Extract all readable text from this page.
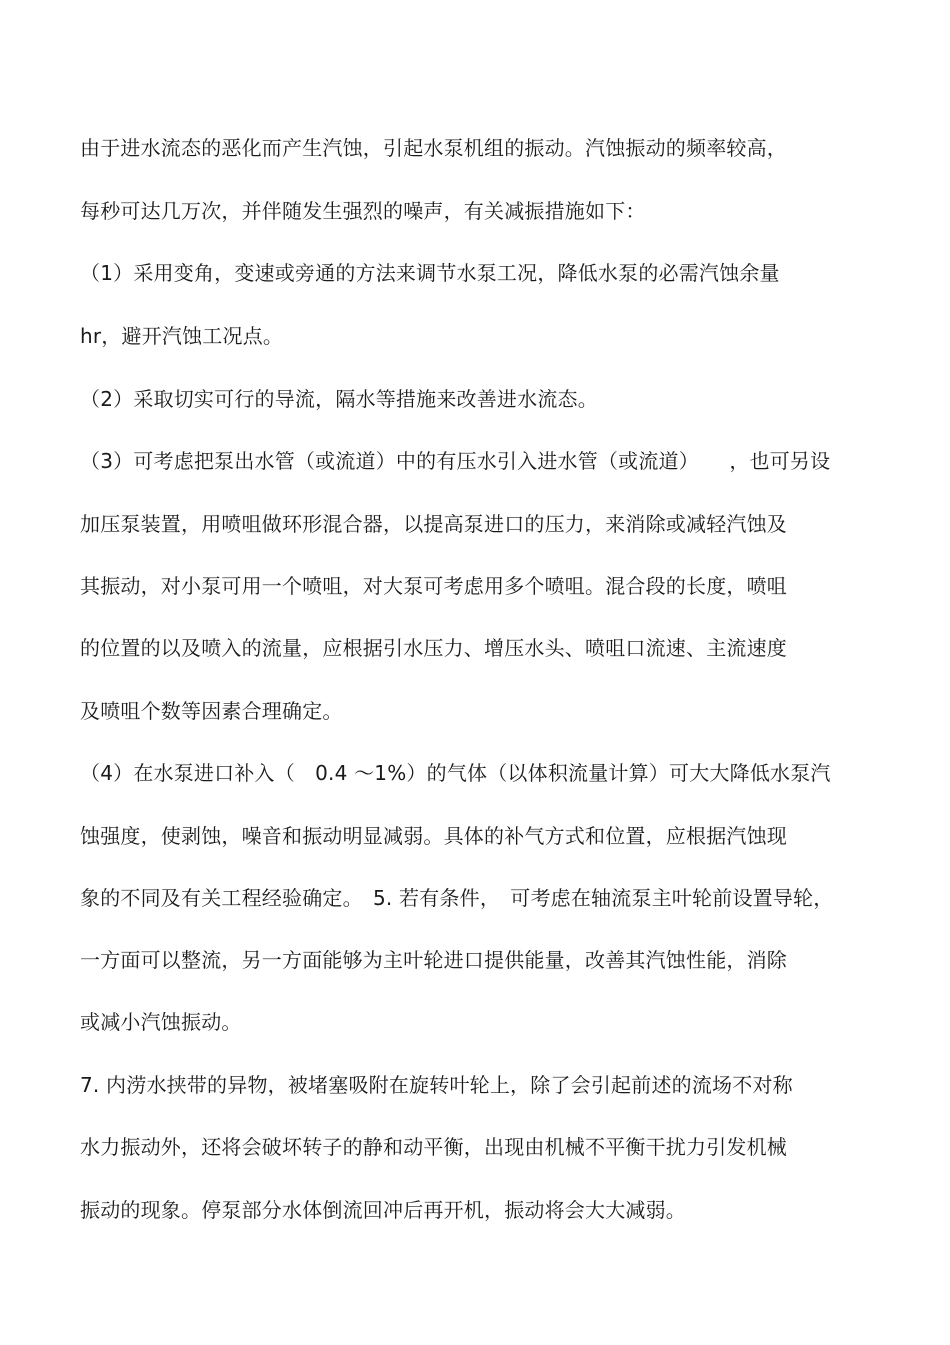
由于进水流态的恶化而产生汽蚀，引起水泵机组的振动。汽蚀振动的频率较高，
每秒可达几万次，并伴随发生强烈的噪声，有关减振措施如下：
（1）采用变角，变速或旁通的方法来调节水泵工况，降低水泵的必需汽蚀余量
hr，避开汽蚀工况点。
（2）采取切实可行的导流，隔水等措施来改善进水流态。
（3）可考虑把泵出水管（或流道）中的有压水引入进水管（或流道）　　，也可另设
加压泵装置，用喷咀做环形混合器，以提高泵进口的压力，来消除或减轻汽蚀及
其振动，对小泵可用一个喷咀，对大泵可考虑用多个喷咀。混合段的长度，喷咀
的位置的以及喷入的流量，应根据引水压力、增压水头、喷咀口流速、主流速度
及喷咀个数等因素合理确定。
（4）在水泵进口补入（　0.4 ～1%）的气体（以体积流量计算）可大大降低水泵汽
蚀强度，使剥蚀，噪音和振动明显减弱。具体的补气方式和位置，应根据汽蚀现
象的不同及有关工程经验确定。　5. 若有条件，　可考虑在轴流泵主叶轮前设置导轮，
一方面可以整流，另一方面能够为主叶轮进口提供能量，改善其汽蚀性能，消除
或减小汽蚀振动。
7. 内涝水挟带的异物，被堵塞吸附在旋转叶轮上，除了会引起前述的流场不对称
水力振动外，还将会破坏转子的静和动平衡，出现由机械不平衡干扰力引发机械
振动的现象。停泵部分水体倒流回冲后再开机，振动将会大大减弱。
